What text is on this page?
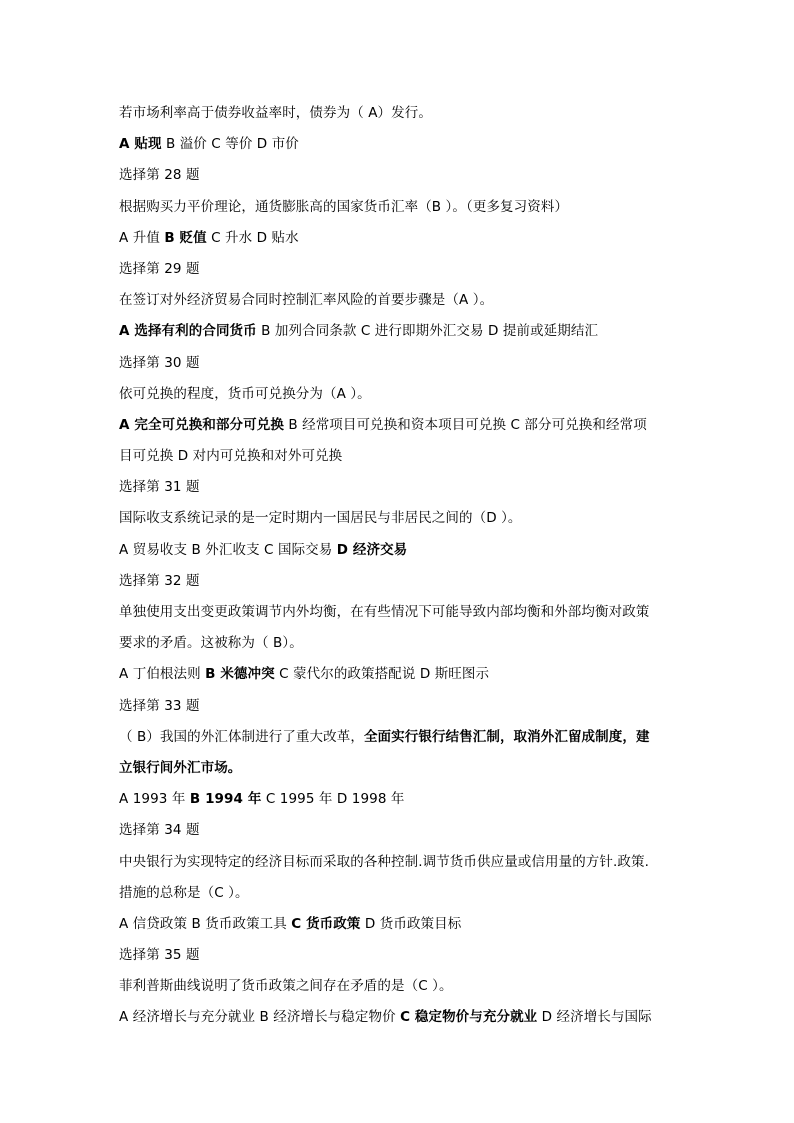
若市场利率高于债券收益率时，债券为（ A）发行。
A 贴现 B 溢价 C 等价 D 市价
选择第 28 题
根据购买力平价理论，通货膨胀高的国家货币汇率（B ）。（更多复习资料）
A 升值 B 贬值 C 升水 D 贴水
选择第 29 题
在签订对外经济贸易合同时控制汇率风险的首要步骤是（A ）。
A 选择有利的合同货币 B 加列合同条款 C 进行即期外汇交易 D 提前或延期结汇
选择第 30 题
依可兑换的程度，货币可兑换分为（A ）。
A 完全可兑换和部分可兑换 B 经常项目可兑换和资本项目可兑换 C 部分可兑换和经常项
目可兑换 D 对内可兑换和对外可兑换
选择第 31 题
国际收支系统记录的是一定时期内一国居民与非居民之间的（D ）。
A 贸易收支 B 外汇收支 C 国际交易 D 经济交易
选择第 32 题
单独使用支出变更政策调节内外均衡，在有些情况下可能导致内部均衡和外部均衡对政策
要求的矛盾。这被称为（ B）。
A 丁伯根法则 B 米德冲突 C 蒙代尔的政策搭配说 D 斯旺图示
选择第 33 题
（ B）我国的外汇体制进行了重大改革，全面实行银行结售汇制，取消外汇留成制度，建
立银行间外汇市场。
A 1993 年 B 1994 年 C 1995 年 D 1998 年
选择第 34 题
中央银行为实现特定的经济目标而采取的各种控制.调节货币供应量或信用量的方针.政策.
措施的总称是（C ）。
A 信贷政策 B 货币政策工具 C 货币政策 D 货币政策目标
选择第 35 题
菲利普斯曲线说明了货币政策之间存在矛盾的是（C ）。
A 经济增长与充分就业 B 经济增长与稳定物价 C 稳定物价与充分就业 D 经济增长与国际
